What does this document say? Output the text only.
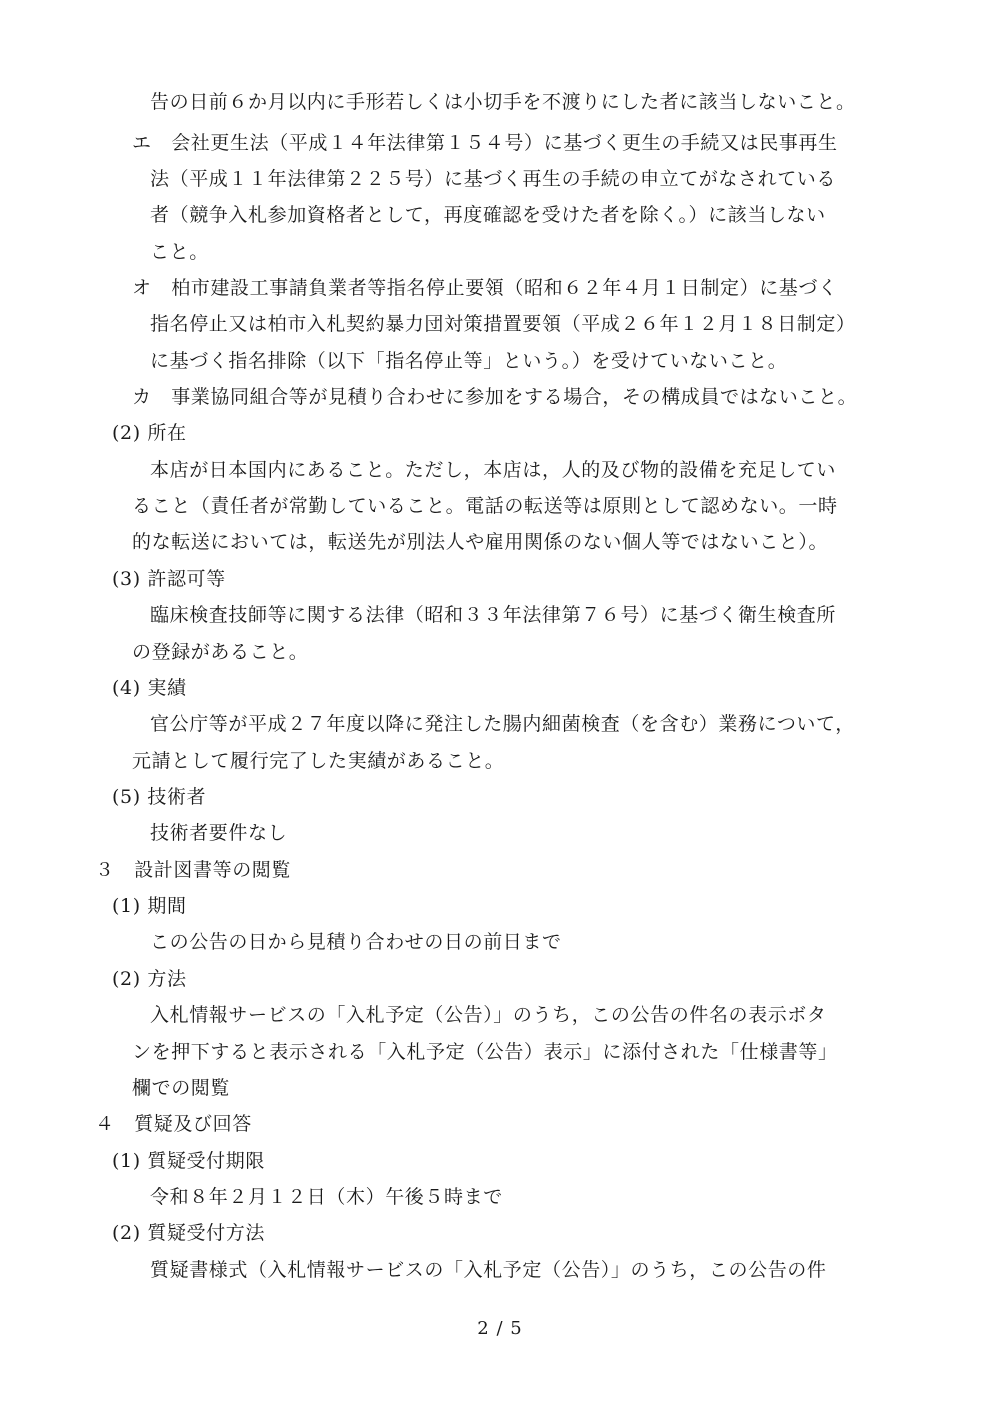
告の日前６か月以内に手形若しくは小切手を不渡りにした者に該当しないこと。
エ　会社更生法（平成１４年法律第１５４号）に基づく更生の手続又は民事再生
法（平成１１年法律第２２５号）に基づく再生の手続の申立てがなされている
者（競争入札参加資格者として，再度確認を受けた者を除く。）に該当しない
こと。
オ　柏市建設工事請負業者等指名停止要領（昭和６２年４月１日制定）に基づく
指名停止又は柏市入札契約暴力団対策措置要領（平成２６年１２月１８日制定）
に基づく指名排除（以下「指名停止等」という。）を受けていないこと。
カ　事業協同組合等が見積り合わせに参加をする場合，その構成員ではないこと。
(2) 所在
本店が日本国内にあること。ただし，本店は，人的及び物的設備を充足してい
ること（責任者が常勤していること。電話の転送等は原則として認めない。一時
的な転送においては，転送先が別法人や雇用関係のない個人等ではないこと）。
(3) 許認可等
臨床検査技師等に関する法律（昭和３３年法律第７６号）に基づく衛生検査所
の登録があること。
(4) 実績
官公庁等が平成２７年度以降に発注した腸内細菌検査（を含む）業務について，
元請として履行完了した実績があること。
(5) 技術者
技術者要件なし
３　設計図書等の閲覧
(1) 期間
この公告の日から見積り合わせの日の前日まで
(2) 方法
入札情報サービスの「入札予定（公告）」のうち，この公告の件名の表示ボタ
ンを押下すると表示される「入札予定（公告）表示」に添付された「仕様書等」
欄での閲覧
４　質疑及び回答
(1) 質疑受付期限
令和８年２月１２日（木）午後５時まで
(2) 質疑受付方法
質疑書様式（入札情報サービスの「入札予定（公告）」のうち，この公告の件
2 / 5
